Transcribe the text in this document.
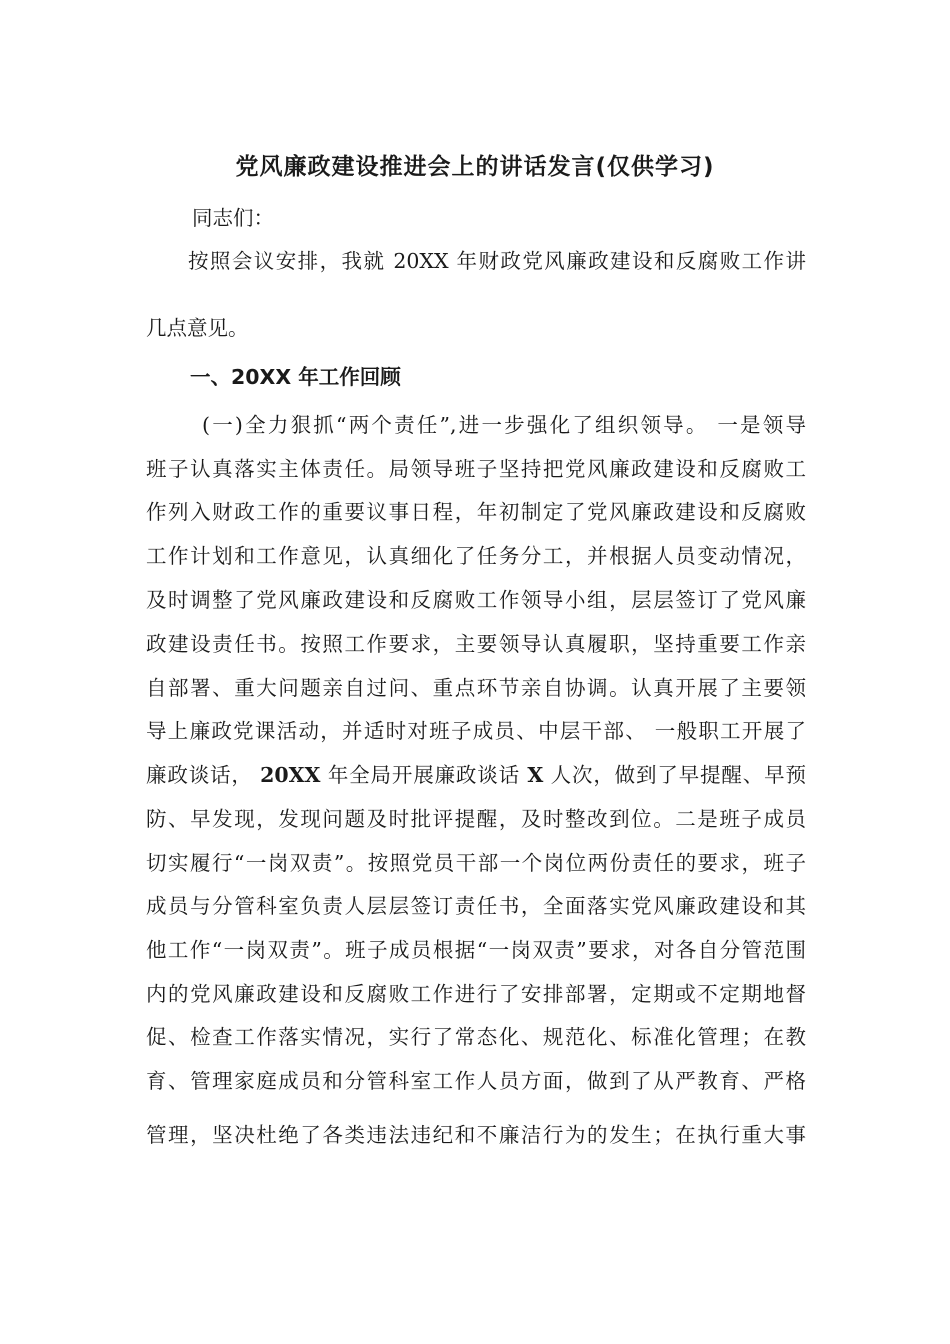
党风廉政建设推进会上的讲话发言(仅供学习)
同志们：
按照会议安排，我就 20XX 年财政党风廉政建设和反腐败工作讲
几点意见。
一、20XX 年工作回顾
(一)全力狠抓“两个责任”,进一步强化了组织领导。 一是领导
班子认真落实主体责任。局领导班子坚持把党风廉政建设和反腐败工
作列入财政工作的重要议事日程，年初制定了党风廉政建设和反腐败
工作计划和工作意见，认真细化了任务分工，并根据人员变动情况，
及时调整了党风廉政建设和反腐败工作领导小组，层层签订了党风廉
政建设责任书。按照工作要求，主要领导认真履职，坚持重要工作亲
自部署、重大问题亲自过问、重点环节亲自协调。认真开展了主要领
导上廉政党课活动，并适时对班子成员、中层干部、 一般职工开展了
廉政谈话， 20XX 年全局开展廉政谈话 X 人次，做到了早提醒、早预
防、早发现，发现问题及时批评提醒，及时整改到位。二是班子成员
切实履行“一岗双责”。按照党员干部一个岗位两份责任的要求，班子
成员与分管科室负责人层层签订责任书，全面落实党风廉政建设和其
他工作“一岗双责”。班子成员根据“一岗双责”要求，对各自分管范围
内的党风廉政建设和反腐败工作进行了安排部署，定期或不定期地督
促、检查工作落实情况，实行了常态化、规范化、标准化管理；在教
育、管理家庭成员和分管科室工作人员方面，做到了从严教育、严格
管理，坚决杜绝了各类违法违纪和不廉洁行为的发生；在执行重大事
